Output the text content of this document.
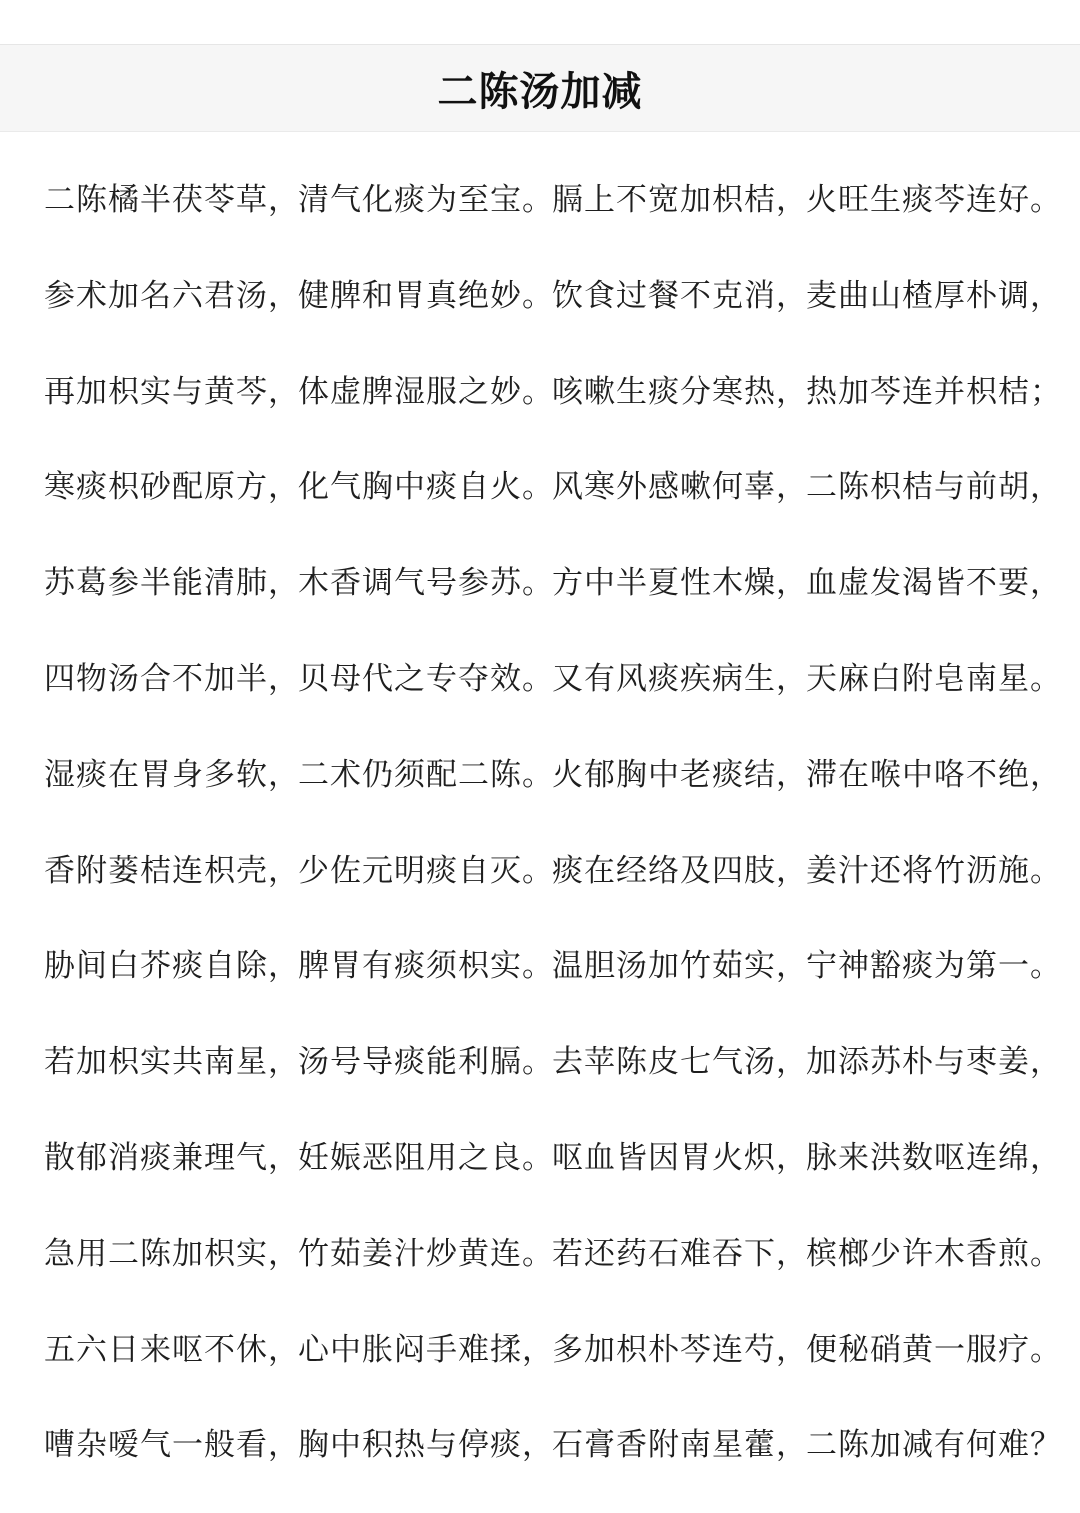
二陈汤加减
二陈橘半茯苓草，
清气化痰为至宝。
膈上不宽加枳桔，
火旺生痰芩连好。
参术加名六君汤，
健脾和胃真绝妙。
饮食过餐不克消，
麦曲山楂厚朴调，
再加枳实与黄芩，
体虚脾湿服之妙。
咳嗽生痰分寒热，
热加芩连并枳桔；
寒痰枳砂配原方，
化气胸中痰自火。
风寒外感嗽何辜，
二陈枳桔与前胡，
苏葛参半能清肺，
木香调气号参苏。
方中半夏性木燥，
血虚发渴皆不要，
四物汤合不加半，
贝母代之专夺效。
又有风痰疾病生，
天麻白附皂南星。
湿痰在胃身多软，
二术仍须配二陈。
火郁胸中老痰结，
滞在喉中咯不绝，
香附蒌桔连枳壳，
少佐元明痰自灭。
痰在经络及四肢，
姜汁还将竹沥施。
胁间白芥痰自除，
脾胃有痰须枳实。
温胆汤加竹茹实，
宁神豁痰为第一。
若加枳实共南星，
汤号导痰能利膈。
去苹陈皮七气汤，
加添苏朴与枣姜，
散郁消痰兼理气，
妊娠恶阻用之良。
呕血皆因胃火炽，
脉来洪数呕连绵，
急用二陈加枳实，
竹茹姜汁炒黄连。
若还药石难吞下，
槟榔少许木香煎。
五六日来呕不休，
心中胀闷手难揉，
多加枳朴芩连芍，
便秘硝黄一服疗。
嘈杂嗳气一般看，
胸中积热与停痰，
石膏香附南星藿，
二陈加减有何难？
